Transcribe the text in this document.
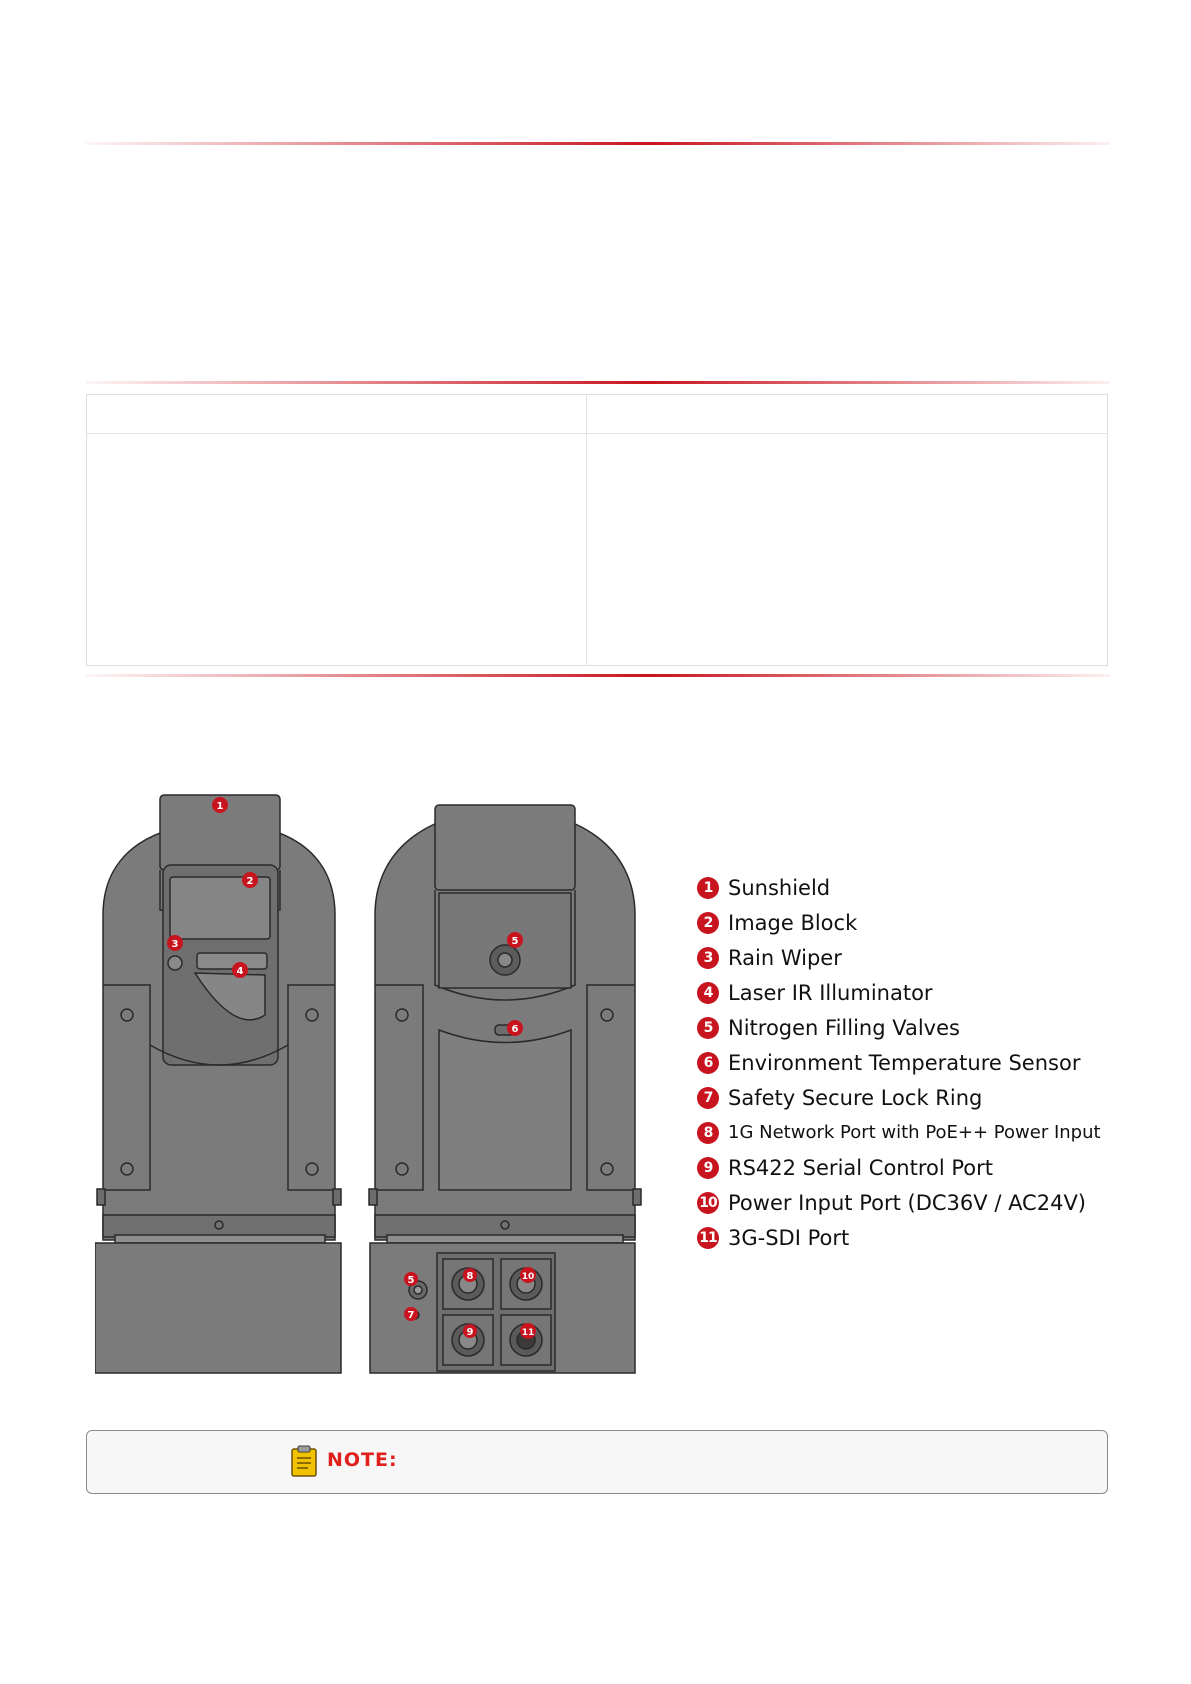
1
2
3
4
5
6
5
7
8	10
9	11
1 Sunshield
2 Image Block
3 Rain Wiper
4 Laser IR Illuminator
5 Nitrogen Filling Valves
6 Environment Temperature Sensor
7 Safety Secure Lock Ring
8 1G Network Port with PoE++ Power Input
9 RS422 Serial Control Port
10 Power Input Port (DC36V / AC24V)
11 3G-SDI Port
NOTE:
